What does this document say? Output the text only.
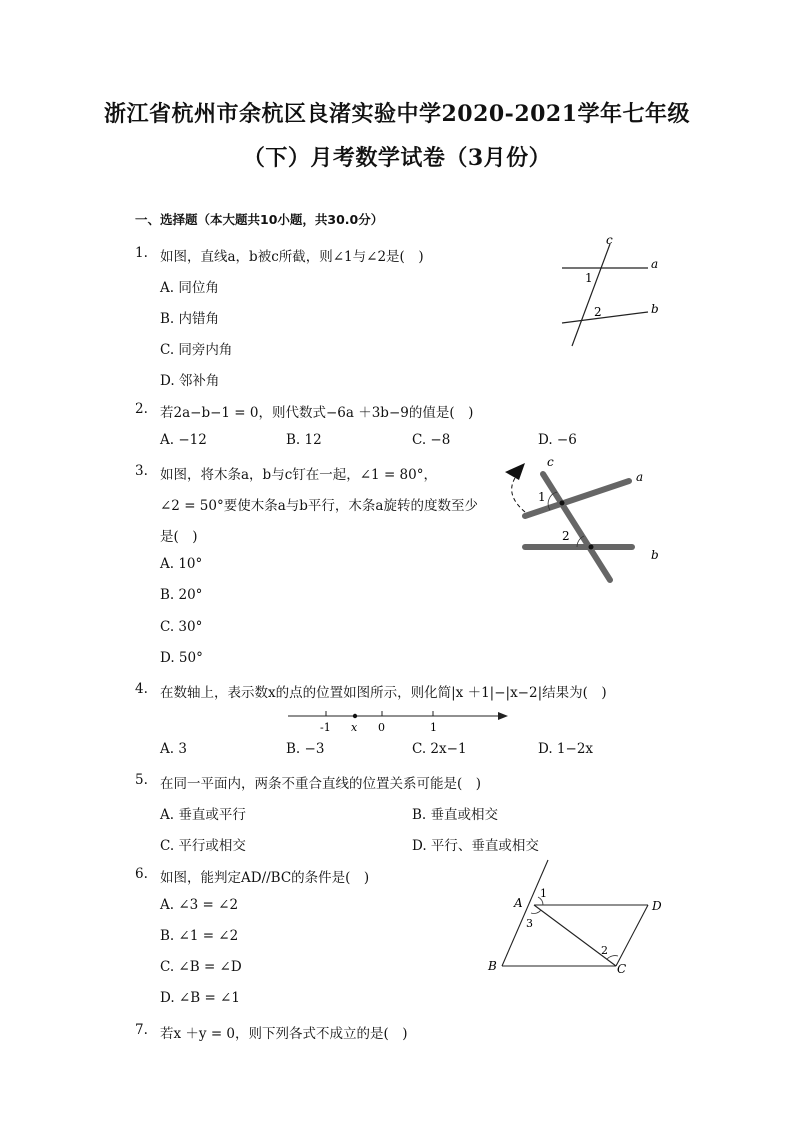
浙江省杭州市余杭区良渚实验中学2020-2021学年七年级
（下）月考数学试卷（3月份）
一、选择题（本大题共10小题，共30.0分）
1. 如图，直线a，b被c所截，则∠1与∠2是(　)
A. 同位角
B. 内错角
C. 同旁内角
D. 邻补角
c
a
b
1
2
2. 若2a−b−1 = 0，则代数式−6a ＋3b−9的值是(　)
A. −12	B. 12	C. −8	D. −6
3. 如图，将木条a，b与c钉在一起，∠1 = 80°，
∠2 = 50°要使木条a与b平行，木条a旋转的度数至少
是(　)
A. 10°
B. 20°
C. 30°
D. 50°
c
a
b
1
2
4. 在数轴上，表示数x的点的位置如图所示，则化简|x ＋1|−|x−2|结果为(　)
-1 x 0	1
A. 3	B. −3	C. 2x−1	D. 1−2x
5. 在同一平面内，两条不重合直线的位置关系可能是(　)
A. 垂直或平行	B. 垂直或相交
C. 平行或相交	D. 平行、垂直或相交
6. 如图，能判定AD//BC的条件是(　)
A. ∠3 = ∠2
B. ∠1 = ∠2
C. ∠B = ∠D
D. ∠B = ∠1
A
B	C
D
1
3
2
7. 若x ＋y = 0，则下列各式不成立的是(　)
